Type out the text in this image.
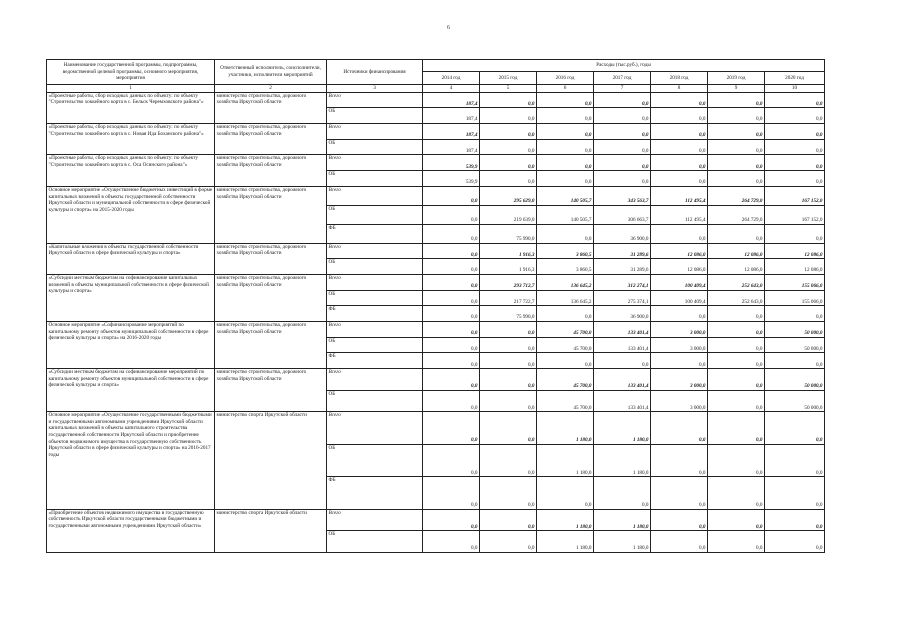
6
Наименование государственной программы, подпрограммы, ведомственной целевой программы, основного мероприятия, мероприятия	Ответственный исполнитель, соисполнители, участники, исполнители мероприятий	Источники финансирования	Расходы (тыс.руб.), годы						
			2014 год	2015 год	2016 год	2017 год	2018 год	2019 год	2020 год
1	2	3	4	5	6	7	8	9	10
«Проектные работы, сбор исходных данных по объекту: по объекту "Строительство хоккейного корта в с. Бельск Черемховского района"»	министерство строительства, дорожного хозяйства Иркутской области	Всего	187,4	0,0	0,0	0,0	0,0	0,0	0,0
		ОБ	187,4	0,0	0,0	0,0	0,0	0,0	0,0
«Проектные работы, сбор исходных данных по объекту: по объекту "Строительство хоккейного корта в с. Новая Ида Боханского района"»	министерство строительства, дорожного хозяйства Иркутской области	Всего	187,4	0,0	0,0	0,0	0,0	0,0	0,0
		ОБ	187,4	0,0	0,0	0,0	0,0	0,0	0,0
«Проектные работы, сбор исходных данных по объекту: по объекту "Строительство хоккейного корта в с. Оса Осинского района"»	министерство строительства, дорожного хозяйства Иркутской области	Всего	539,9	0,0	0,0	0,0	0,0	0,0	0,0
		ОБ	539,9	0,0	0,0	0,0	0,0	0,0	0,0
Основное мероприятие «Осуществление бюджетных инвестиций в форме капитальных вложений в объекты государственной собственности Иркутской области и муниципальной собственности в сфере физической культуры и спорта» на 2015-2020 годы	министерство строительства, дорожного хозяйства Иркутской области	Всего	0,0	295 629,0	140 505,7	343 563,7	112 495,4	264 729,0	167 152,0
		ОБ	0,0	219 639,0	140 505,7	306 663,7	112 495,4	264 729,0	167 152,0
		ФБ	0,0	75 990,0	0,0	36 900,0	0,0	0,0	0,0
«Капитальные вложения в объекты государственной собственности Иркутской области в сфере физической культуры и спорта»	министерство строительства, дорожного хозяйства Иркутской области	Всего	0,0	1 916,3	3 860,5	31 289,6	12 086,0	12 086,0	12 086,0
		ОБ	0,0	1 916,3	3 860,5	31 289,6	12 086,0	12 086,0	12 086,0
«Субсидии местным бюджетам на софинансирование капитальных вложений в объекты муниципальной собственности в сфере физической культуры и спорта»	министерство строительства, дорожного хозяйства Иркутской области	Всего	0,0	293 712,7	136 645,2	312 274,1	100 409,4	252 643,0	155 066,0
		ОБ	0,0	217 722,7	136 645,2	275 374,1	100 409,4	252 643,0	155 066,0
		ФБ	0,0	75 990,0	0,0	36 900,0	0,0	0,0	0,0
Основное мероприятие «Софинансирование мероприятий по капитальному ремонту объектов муниципальной собственности в сфере физической культуры и спорта» на 2016-2020 годы	министерство строительства, дорожного хозяйства Иркутской области	Всего	0,0	0,0	45 700,0	133 401,4	3 000,0	0,0	50 000,0
		ОБ	0,0	0,0	45 700,0	133 401,4	3 000,0	0,0	50 000,0
		ФБ	0,0	0,0	0,0	0,0	0,0	0,0	0,0
«Субсидии местным бюджетам на софинансирование мероприятий по капитальному ремонту объектов муниципальной собственности в сфере физической культуры и спорта»	министерство строительства, дорожного хозяйства Иркутской области	Всего	0,0	0,0	45 700,0	133 401,4	3 000,0	0,0	50 000,0
		ОБ	0,0	0,0	45 700,0	133 401,4	3 000,0	0,0	50 000,0
Основное мероприятие «Осуществление государственными бюджетными и государственными автономными учреждениями Иркутской области капитальных вложений в объекты капитального строительства государственной собственности Иркутской области и приобретение объектов недвижимого имущества в государственную собственность Иркутской области в сфере физической культуры и спорта» на 2016-2017 годы	министерство спорта Иркутской области	Всего	0,0	0,0	1 180,0	1 180,0	0,0	0,0	0,0
		ОБ	0,0	0,0	1 180,0	1 180,0	0,0	0,0	0,0
		ФБ	0,0	0,0	0,0	0,0	0,0	0,0	0,0
«Приобретение объектов недвижимого имущества в государственную собственность Иркутской области государственными бюджетными и государственными автономными учреждениями Иркутской области»	министерство спорта Иркутской области	Всего	0,0	0,0	1 180,0	1 180,0	0,0	0,0	0,0
		ОБ	0,0	0,0	1 180,0	1 180,0	0,0	0,0	0,0 .
